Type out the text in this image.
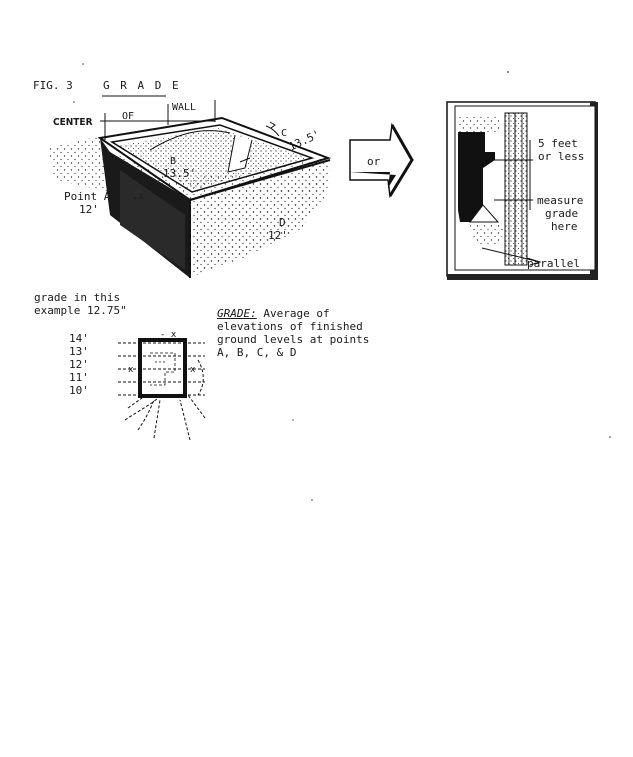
- x
x	x
FIG. 3	G R A D E
CENTER
OF
WALL
C 13.5'
B
13.5'
Point A .x
12'
D
12'
or
5 feet
or less
measure
grade
here
parallel
grade in this
example 12.75"
14'
13'
12'
11'
10'
GRADE: Average of
elevations of finished
ground levels at points
A, B, C, & D
